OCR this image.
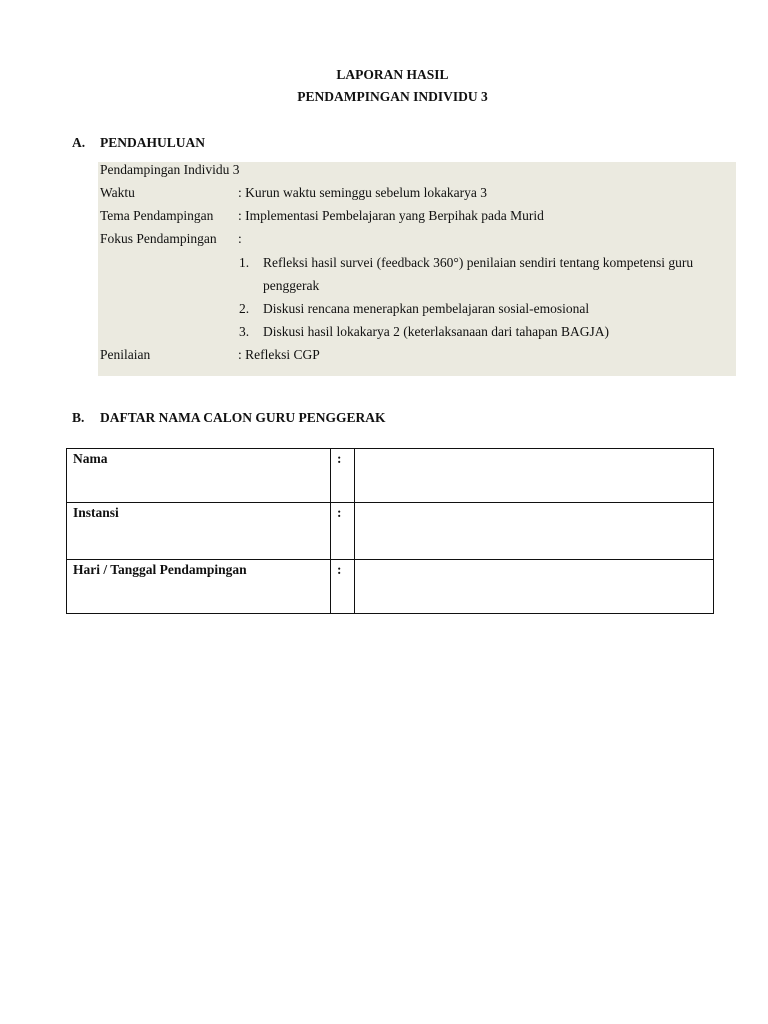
LAPORAN HASIL
PENDAMPINGAN INDIVIDU 3
A. PENDAHULUAN
Pendampingan Individu 3
Waktu	: Kurun waktu seminggu sebelum lokakarya 3
Tema Pendampingan : Implementasi Pembelajaran yang Berpihak pada Murid
Fokus Pendampingan :
1. Refleksi hasil survei (feedback 360°) penilaian sendiri tentang kompetensi guru
penggerak
2. Diskusi rencana menerapkan pembelajaran sosial-emosional
3. Diskusi hasil lokakarya 2 (keterlaksanaan dari tahapan BAGJA)
Penilaian	: Refleksi CGP
B. DAFTAR NAMA CALON GURU PENGGERAK
Nama	:	
Instansi	:	
Hari / Tanggal Pendampingan	:	
